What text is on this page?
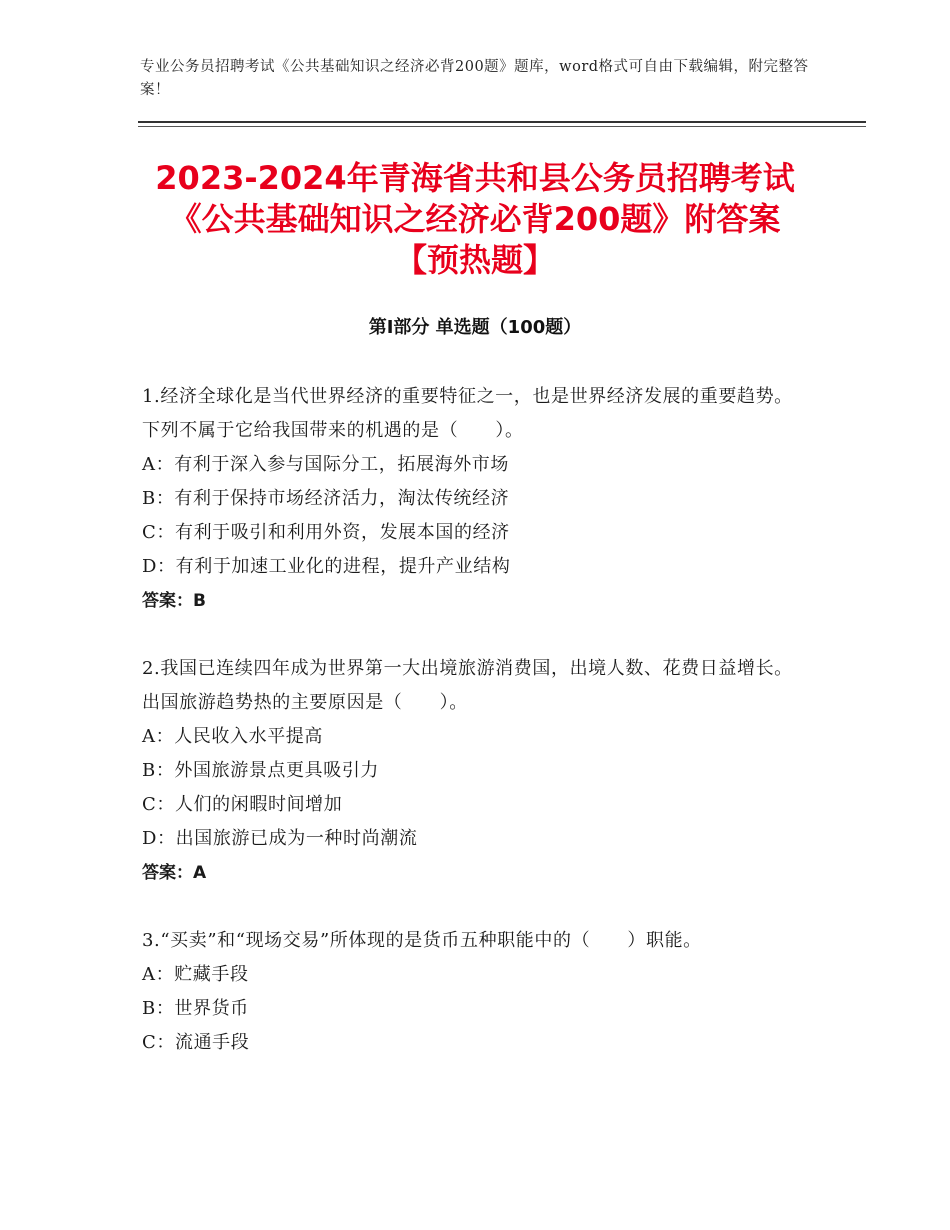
专业公务员招聘考试《公共基础知识之经济必背200题》题库，word格式可自由下载编辑，附完整答案！
2023-2024年青海省共和县公务员招聘考试
《公共基础知识之经济必背200题》附答案
【预热题】
第Ⅰ部分 单选题（100题）

1.经济全球化是当代世界经济的重要特征之一，也是世界经济发展的重要趋势。下列不属于它给我国带来的机遇的是（　　）。

A：有利于深入参与国际分工，拓展海外市场

B：有利于保持市场经济活力，淘汰传统经济

C：有利于吸引和利用外资，发展本国的经济

D：有利于加速工业化的进程，提升产业结构

答案：B

2.我国已连续四年成为世界第一大出境旅游消费国，出境人数、花费日益增长。出国旅游趋势热的主要原因是（　　）。

A：人民收入水平提高

B：外国旅游景点更具吸引力

C：人们的闲暇时间增加

D：出国旅游已成为一种时尚潮流

答案：A

3.“买卖”和“现场交易”所体现的是货币五种职能中的（　　）职能。

A：贮藏手段

B：世界货币

C：流通手段
